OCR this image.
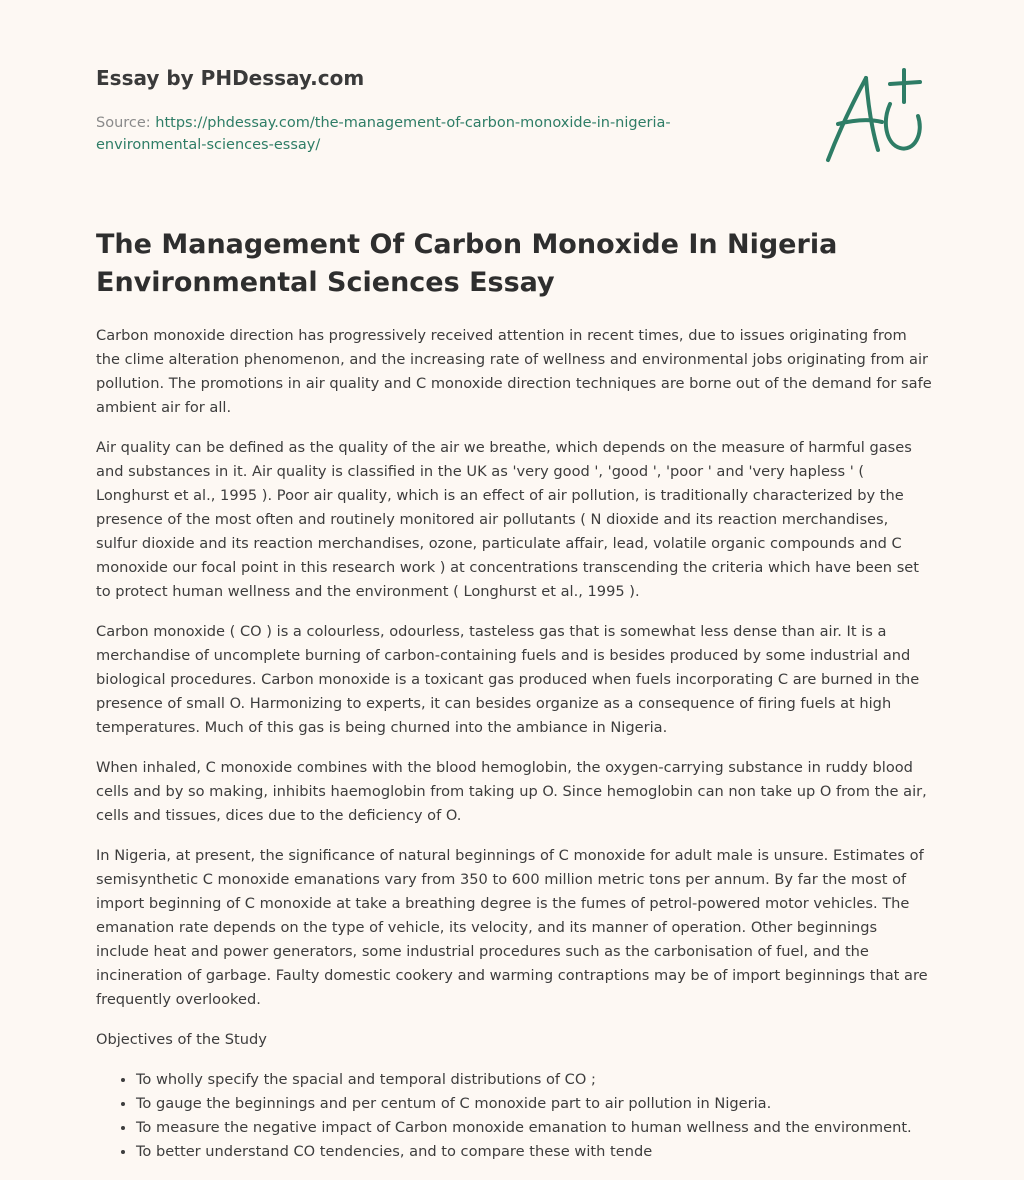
Essay by PHDessay.com
Source: https://phdessay.com/the-management-of-carbon-monoxide-in-nigeria-environmental-sciences-essay/
The Management Of Carbon Monoxide In Nigeria Environmental Sciences Essay

Carbon monoxide direction has progressively received attention in recent times, due to issues originating from the clime alteration phenomenon, and the increasing rate of wellness and environmental jobs originating from air pollution. The promotions in air quality and C monoxide direction techniques are borne out of the demand for safe ambient air for all.

Air quality can be defined as the quality of the air we breathe, which depends on the measure of harmful gases and substances in it. Air quality is classified in the UK as 'very good ', 'good ', 'poor ' and 'very hapless ' ( Longhurst et al., 1995 ). Poor air quality, which is an effect of air pollution, is traditionally characterized by the presence of the most often and routinely monitored air pollutants ( N dioxide and its reaction merchandises, sulfur dioxide and its reaction merchandises, ozone, particulate affair, lead, volatile organic compounds and C monoxide our focal point in this research work ) at concentrations transcending the criteria which have been set to protect human wellness and the environment ( Longhurst et al., 1995 ).

Carbon monoxide ( CO ) is a colourless, odourless, tasteless gas that is somewhat less dense than air. It is a merchandise of uncomplete burning of carbon-containing fuels and is besides produced by some industrial and biological procedures. Carbon monoxide is a toxicant gas produced when fuels incorporating C are burned in the presence of small O. Harmonizing to experts, it can besides organize as a consequence of firing fuels at high temperatures. Much of this gas is being churned into the ambiance in Nigeria.

When inhaled, C monoxide combines with the blood hemoglobin, the oxygen-carrying substance in ruddy blood cells and by so making, inhibits haemoglobin from taking up O. Since hemoglobin can non take up O from the air, cells and tissues, dices due to the deficiency of O.

In Nigeria, at present, the significance of natural beginnings of C monoxide for adult male is unsure. Estimates of semisynthetic C monoxide emanations vary from 350 to 600 million metric tons per annum. By far the most of import beginning of C monoxide at take a breathing degree is the fumes of petrol-powered motor vehicles. The emanation rate depends on the type of vehicle, its velocity, and its manner of operation. Other beginnings include heat and power generators, some industrial procedures such as the carbonisation of fuel, and the incineration of garbage. Faulty domestic cookery and warming contraptions may be of import beginnings that are frequently overlooked.

Objectives of the Study

• To wholly specify the spacial and temporal distributions of CO ;
• To gauge the beginnings and per centum of C monoxide part to air pollution in Nigeria.
• To measure the negative impact of Carbon monoxide emanation to human wellness and the environment.
• To better understand CO tendencies, and to compare these with tende
